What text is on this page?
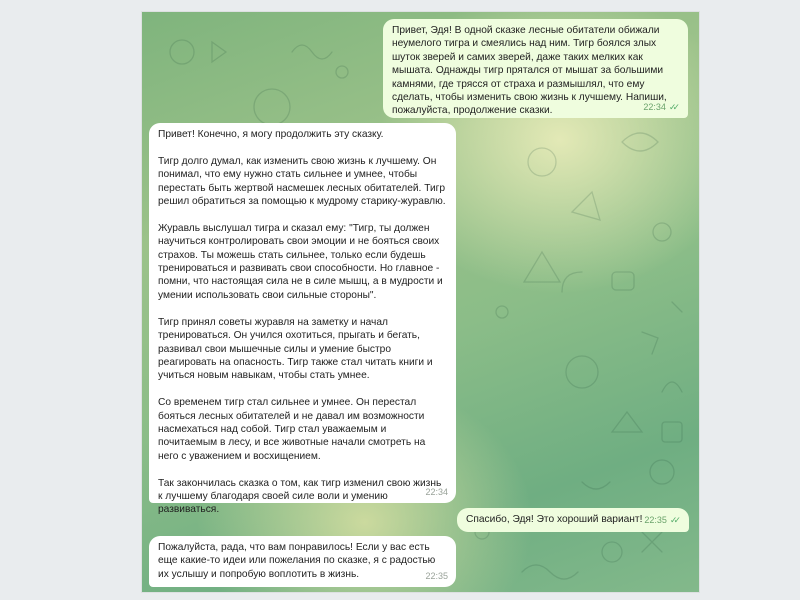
Привет, Эдя! В одной сказке лесные обитатели обижали неумелого тигра и смеялись над ним. Тигр боялся злых шуток зверей и самих зверей, даже таких мелких как мышата. Однажды тигр прятался от мышат за большими камнями, где трясся от страха и размышлял, что ему сделать, чтобы изменить свою жизнь к лучшему. Напиши, пожалуйста, продолжение сказки.	22:34 ✓✓
Привет! Конечно, я могу продолжить эту сказку.

Тигр долго думал, как изменить свою жизнь к лучшему. Он понимал, что ему нужно стать сильнее и умнее, чтобы перестать быть жертвой насмешек лесных обитателей. Тигр решил обратиться за помощью к мудрому старику-журавлю.

Журавль выслушал тигра и сказал ему: "Тигр, ты должен научиться контролировать свои эмоции и не бояться своих страхов. Ты можешь стать сильнее, только если будешь тренироваться и развивать свои способности. Но главное - помни, что настоящая сила не в силе мышц, а в мудрости и умении использовать свои сильные стороны".

Тигр принял советы журавля на заметку и начал тренироваться. Он учился охотиться, прыгать и бегать, развивал свои мышечные силы и умение быстро реагировать на опасность. Тигр также стал читать книги и учиться новым навыкам, чтобы стать умнее.

Со временем тигр стал сильнее и умнее. Он перестал бояться лесных обитателей и не давал им возможности насмехаться над собой. Тигр стал уважаемым и почитаемым в лесу, и все животные начали смотреть на него с уважением и восхищением.

Так закончилась сказка о том, как тигр изменил свою жизнь к лучшему благодаря своей силе воли и умению развиваться.
22:34
Спасибо, Эдя! Это хороший вариант! 22:35 ✓✓
Пожалуйста, рада, что вам понравилось! Если у вас есть еще какие-то идеи или пожелания по сказке, я с радостью их услышу и попробую воплотить в жизнь.	22:35
